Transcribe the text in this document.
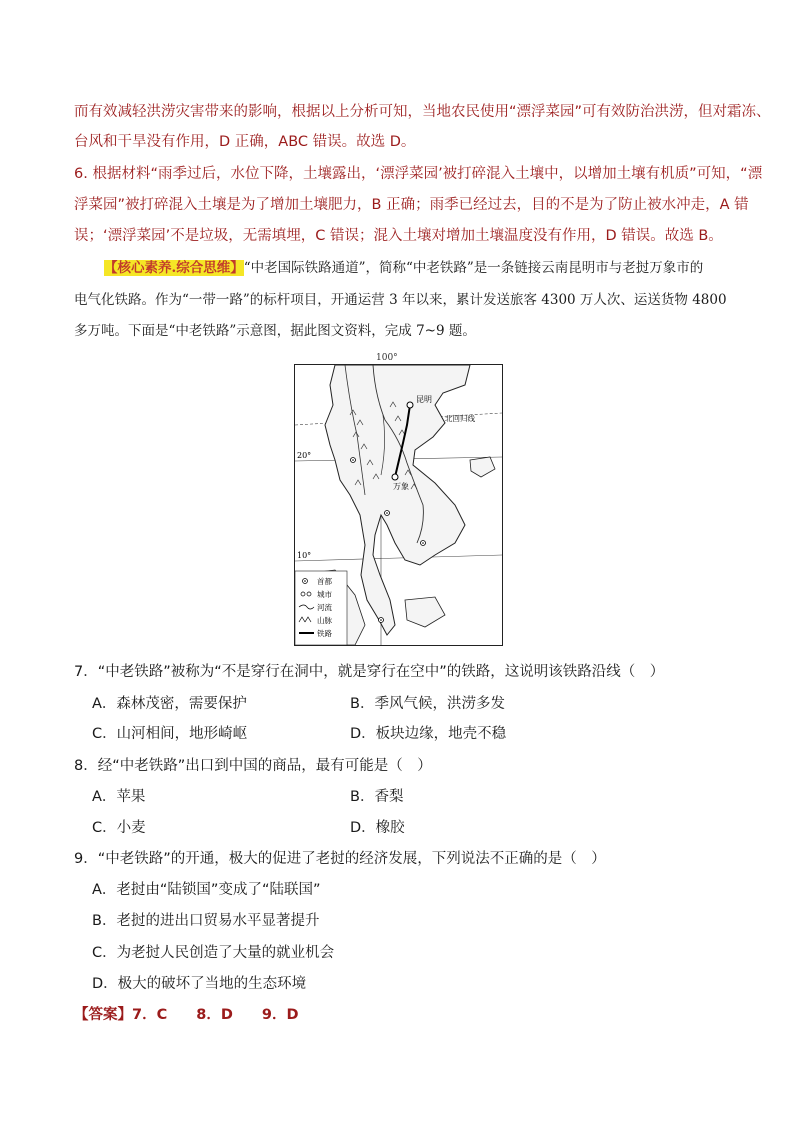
而有效减轻洪涝灾害带来的影响，根据以上分析可知，当地农民使用“漂浮菜园”可有效防治洪涝，但对霜冻、
台风和干旱没有作用，D 正确，ABC 错误。故选 D。
6. 根据材料“雨季过后，水位下降，土壤露出，‘漂浮菜园’被打碎混入土壤中，以增加土壤有机质”可知，“漂
浮菜园”被打碎混入土壤是为了增加土壤肥力，B 正确；雨季已经过去，目的不是为了防止被水冲走，A 错
误；‘漂浮菜园’不是垃圾，无需填埋，C 错误；混入土壤对增加土壤温度没有作用，D 错误。故选 B。
【核心素养.综合思维】“中老国际铁路通道”，简称“中老铁路”是一条链接云南昆明市与老挝万象市的
电气化铁路。作为“一带一路”的标杆项目，开通运营 3 年以来，累计发送旅客 4300 万人次、运送货物 4800
多万吨。下面是“中老铁路”示意图，据此图文资料，完成 7~9 题。
100°
昆明
万象
北回归线
20°
10°
首都
城市
河流
山脉
铁路
7．“中老铁路”被称为“不是穿行在洞中，就是穿行在空中”的铁路，这说明该铁路沿线（　）
A．森林茂密，需要保护	B．季风气候，洪涝多发
C．山河相间，地形崎岖	D．板块边缘，地壳不稳
8．经“中老铁路”出口到中国的商品，最有可能是（　）
A．苹果	B．香梨
C．小麦	D．橡胶
9．“中老铁路”的开通，极大的促进了老挝的经济发展，下列说法不正确的是（　）
A．老挝由“陆锁国”变成了“陆联国”
B．老挝的进出口贸易水平显著提升
C．为老挝人民创造了大量的就业机会
D．极大的破坏了当地的生态环境
【答案】7．C　　8．D　　9．D
